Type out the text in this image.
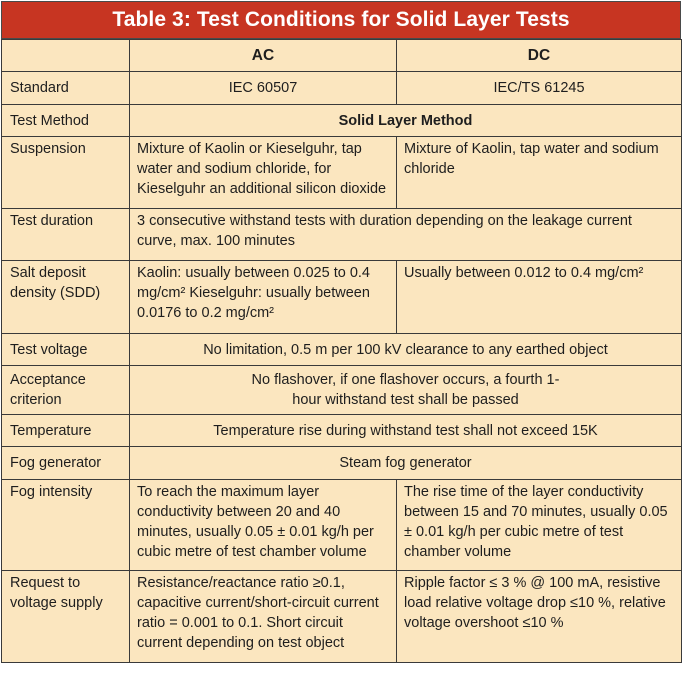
Table 3: Test Conditions for Solid Layer Tests
	AC	DC
Standard	IEC 60507	IEC/TS 61245
Test Method	Solid Layer Method	
Suspension	Mixture of Kaolin or Kieselguhr, tap water and sodium chloride, for Kieselguhr an additional silicon dioxide	Mixture of Kaolin, tap water and sodium chloride
Test duration	3 consecutive withstand tests with duration depending on the leakage current curve, max. 100 minutes	
Salt deposit density (SDD)	Kaolin: usually between 0.025 to 0.4 mg/cm² Kieselguhr: usually between 0.0176 to 0.2 mg/cm²	Usually between 0.012 to 0.4 mg/cm²
Test voltage	No limitation, 0.5 m per 100 kV clearance to any earthed object	
Acceptance criterion	No flashover, if one flashover occurs, a fourth 1-hour withstand test shall be passed	
Temperature	Temperature rise during withstand test shall not exceed 15K	
Fog generator	Steam fog generator	
Fog intensity	To reach the maximum layer conductivity between 20 and 40 minutes, usually 0.05 ± 0.01 kg/h per cubic metre of test chamber volume	The rise time of the layer conductivity between 15 and 70 minutes, usually 0.05 ± 0.01 kg/h per cubic metre of test chamber volume
Request to voltage supply	Resistance/reactance ratio ≥0.1, capacitive current/short-circuit current ratio = 0.001 to 0.1. Short circuit current depending on test object	Ripple factor ≤ 3 % @ 100 mA, resistive load relative voltage drop ≤10 %, relative voltage overshoot ≤10 %
